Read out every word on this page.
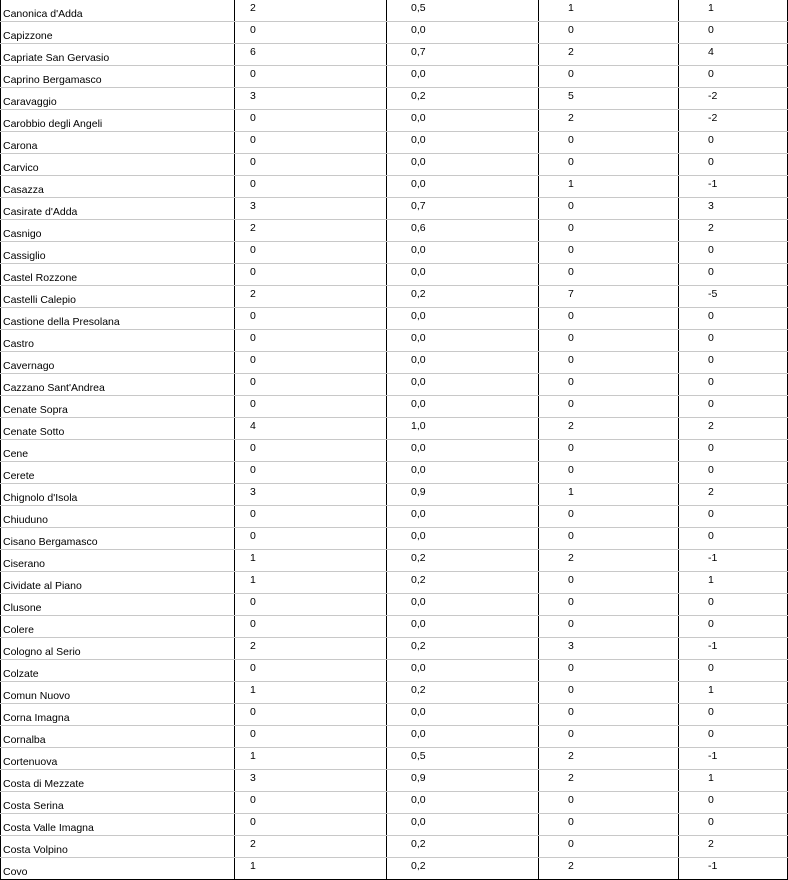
Canonica d'Adda	2	0,5	1	1
Capizzone	0	0,0	0	0
Capriate San Gervasio	6	0,7	2	4
Caprino Bergamasco	0	0,0	0	0
Caravaggio	3	0,2	5	-2
Carobbio degli Angeli	0	0,0	2	-2
Carona	0	0,0	0	0
Carvico	0	0,0	0	0
Casazza	0	0,0	1	-1
Casirate d'Adda	3	0,7	0	3
Casnigo	2	0,6	0	2
Cassiglio	0	0,0	0	0
Castel Rozzone	0	0,0	0	0
Castelli Calepio	2	0,2	7	-5
Castione della Presolana	0	0,0	0	0
Castro	0	0,0	0	0
Cavernago	0	0,0	0	0
Cazzano Sant'Andrea	0	0,0	0	0
Cenate Sopra	0	0,0	0	0
Cenate Sotto	4	1,0	2	2
Cene	0	0,0	0	0
Cerete	0	0,0	0	0
Chignolo d'Isola	3	0,9	1	2
Chiuduno	0	0,0	0	0
Cisano Bergamasco	0	0,0	0	0
Ciserano	1	0,2	2	-1
Cividate al Piano	1	0,2	0	1
Clusone	0	0,0	0	0
Colere	0	0,0	0	0
Cologno al Serio	2	0,2	3	-1
Colzate	0	0,0	0	0
Comun Nuovo	1	0,2	0	1
Corna Imagna	0	0,0	0	0
Cornalba	0	0,0	0	0
Cortenuova	1	0,5	2	-1
Costa di Mezzate	3	0,9	2	1
Costa Serina	0	0,0	0	0
Costa Valle Imagna	0	0,0	0	0
Costa Volpino	2	0,2	0	2
Covo	1	0,2	2	-1
